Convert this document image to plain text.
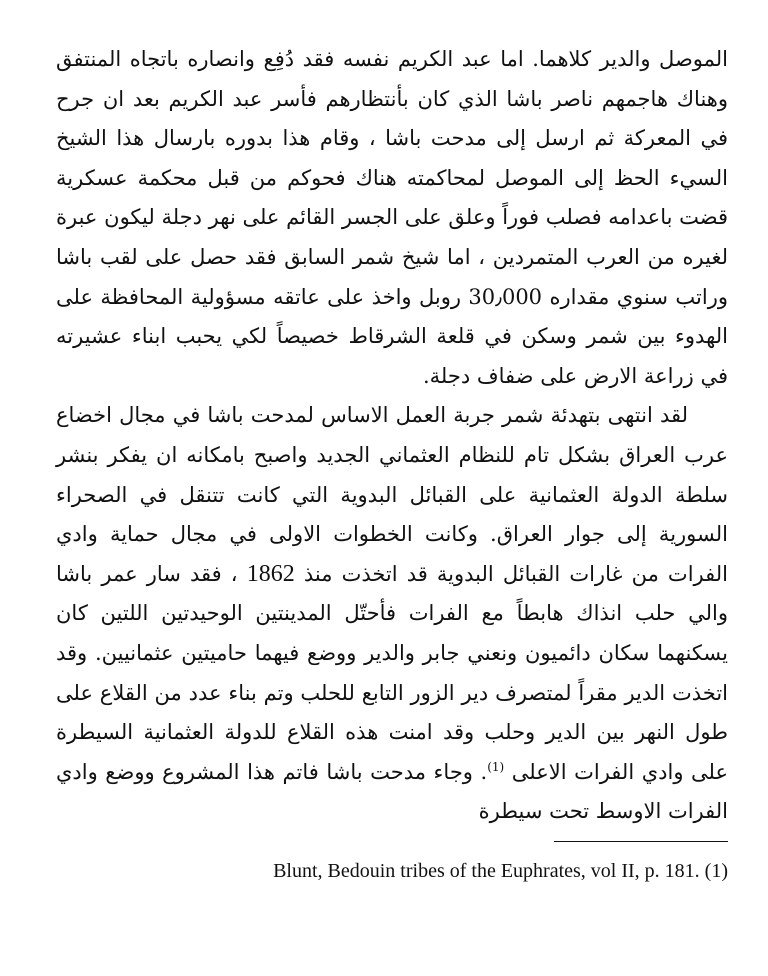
الموصل والدير كلاهما. اما عبد الكريم نفسه فقد دُفِع وانصاره باتجاه المنتفق وهناك هاجمهم ناصر باشا الذي كان بأنتظارهم فأسر عبد الكريم بعد ان جرح في المعركة ثم ارسل إلى مدحت باشا ، وقام هذا بدوره بارسال هذا الشيخ السيء الحظ إلى الموصل لمحاكمته هناك فحوكم من قبل محكمة عسكرية قضت باعدامه فصلب فوراً وعلق على الجسر القائم على نهر دجلة ليكون عبرة لغيره من العرب المتمردين ، اما شيخ شمر السابق فقد حصل على لقب باشا وراتب سنوي مقداره 30٫000 روبل واخذ على عاتقه مسؤولية المحافظة على الهدوء بين شمر وسكن في قلعة الشرقاط خصيصاً لكي يحبب ابناء عشيرته في زراعة الارض على ضفاف دجلة.

لقد انتهى بتهدئة شمر جربة العمل الاساس لمدحت باشا في مجال اخضاع عرب العراق بشكل تام للنظام العثماني الجديد واصبح بامكانه ان يفكر بنشر سلطة الدولة العثمانية على القبائل البدوية التي كانت تتنقل في الصحراء السورية إلى جوار العراق. وكانت الخطوات الاولى في مجال حماية وادي الفرات من غارات القبائل البدوية قد اتخذت منذ 1862 ، فقد سار عمر باشا والي حلب انذاك هابطاً مع الفرات فأحتّل المدينتين الوحيدتين اللتين كان يسكنهما سكان دائميون ونعني جابر والدير ووضع فيهما حاميتين عثمانيين. وقد اتخذت الدير مقراً لمتصرف دير الزور التابع للحلب وتم بناء عدد من القلاع على طول النهر بين الدير وحلب وقد امنت هذه القلاع للدولة العثمانية السيطرة على وادي الفرات الاعلى $^{(1)}$. وجاء مدحت باشا فاتم هذا المشروع ووضع وادي الفرات الاوسط تحت سيطرة

Blunt, Bedouin tribes of the Euphrates, vol II, p. 181. (1)
